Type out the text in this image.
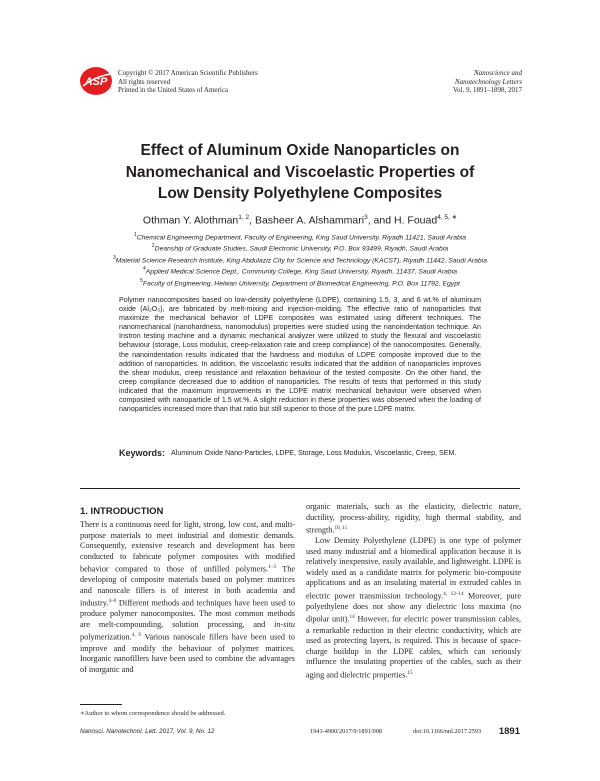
ASP
Copyright © 2017 American Scientific Publishers
All rights reserved
Printed in the United States of America
Nanoscience and
Nanotechnology Letters
Vol. 9, 1891–1898, 2017
Effect of Aluminum Oxide Nanoparticles on
Nanomechanical and Viscoelastic Properties of
Low Density Polyethylene Composites
Othman Y. Alothman$^{1, 2}$, Basheer A. Alshammari$^3$, and H. Fouad$^{4, 5, ∗}$
$^1$Chemical Engineering Department, Faculty of Engineering, King Saud University, Riyadh 11421, Saudi Arabia
$^2$Deanship of Graduate Studies, Saudi Electronic University, P.O. Box 93499, Riyadh, Saudi Arabia
$^3$Material Science Research Institute, King Abdulaziz City for Science and Technology (KACST), Riyadh 11442, Saudi Arabia
$^4$Applied Medical Science Dept., Community College, King Saud University, Riyadh, 11437, Saudi Arabia
$^5$Faculty of Engineering, Helwan University, Department of Biomedical Engineering, P.O. Box 11792, Egypt
Polymer nanocomposites based on low-density polyethylene (LDPE), containing 1.5, 3, and 6 wt.% of aluminum oxide (Al₂O₃), are fabricated by melt-mixing and injection-molding. The effective ratio of nanoparticles that maximize the mechanical behavior of LDPE composites was estimated using different techniques. The nanomechanical (nanohardness, nanomodulus) properties were studied using the nanoindentation technique. An Instron testing machine and a dynamic mechanical analyzer were utilized to study the flexural and viscoelastic behaviour (storage, Loss modulus, creep-relaxation rate and creep compliance) of the nanocomposites. Generally, the nanoindentation results indicated that the hardness and modulus of LDPE composite improved due to the addition of nanoparticles. In addition, the viscoelastic results indicated that the addition of nanoparticles improves the shear modulus, creep resistance and relaxation behaviour of the tested composite. On the other hand, the creep compliance decreased due to addition of nanoparticles. The results of tests that performed in this study indicated that the maximum improvements in the LDPE matrix mechanical behaviour were observed when composited with nanoparticle of 1.5 wt.%. A slight reduction in these properties was observed when the loading of nanoparticles increased more than that ratio but still superior to those of the pure LDPE matrix.
Keywords: Aluminum Oxide Nano-Particles, LDPE, Storage, Loss Modulus, Viscoelastic, Creep, SEM.
1. INTRODUCTION

There is a continuous need for light, strong, low cost, and multi-purpose materials to meet industrial and domestic demands. Consequently, extensive research and development has been conducted to fabricate polymer composites with modified behavior compared to those of unfilled polymers.$^{1-3}$ The developing of composite materials based on polymer matrices and nanoscale fillers is of interest in both academia and industry.$^{4-8}$ Different methods and techniques have been used to produce polymer nanocomposites. The most common methods are melt-compounding, solution processing, and in-situ polymerization.$^{4, 9}$ Various nanoscale fillers have been used to improve and modify the behaviour of polymer matrices. Inorganic nanofillers have been used to combine the advantages of inorganic and

organic materials, such as the elasticity, dielectric nature, ductility, process-ability, rigidity, high thermal stability, and strength.$^{10, 11}$

Low Density Polyethylene (LDPE) is one type of polymer used many industrial and a biomedical application because it is relatively inexpensive, easily available, and lightweight. LDPE is widely used as a candidate matrix for polymeric bio-composite applications and as an insulating material in extruded cables in electric power transmission technology.$^{4, 12-14}$ Moreover, pure polyethylene does not show any dielectric loss maxima (no dipolar unit).$^{14}$ However, for electric power transmission cables, a remarkable reduction in their electric conductivity, which are used as protecting layers, is required. This is because of space-charge buildup in the LDPE cables, which can seriously influence the insulating properties of the cables, such as their aging and dielectric properties.$^{15}$

∗Author to whom correspondence should be addressed.
Nanosci. Nanotechnol. Lett. 2017, Vol. 9, No. 12	1941-4900/2017/9/1891/008	doi:10.1166/nnl.2017.2593 1891
